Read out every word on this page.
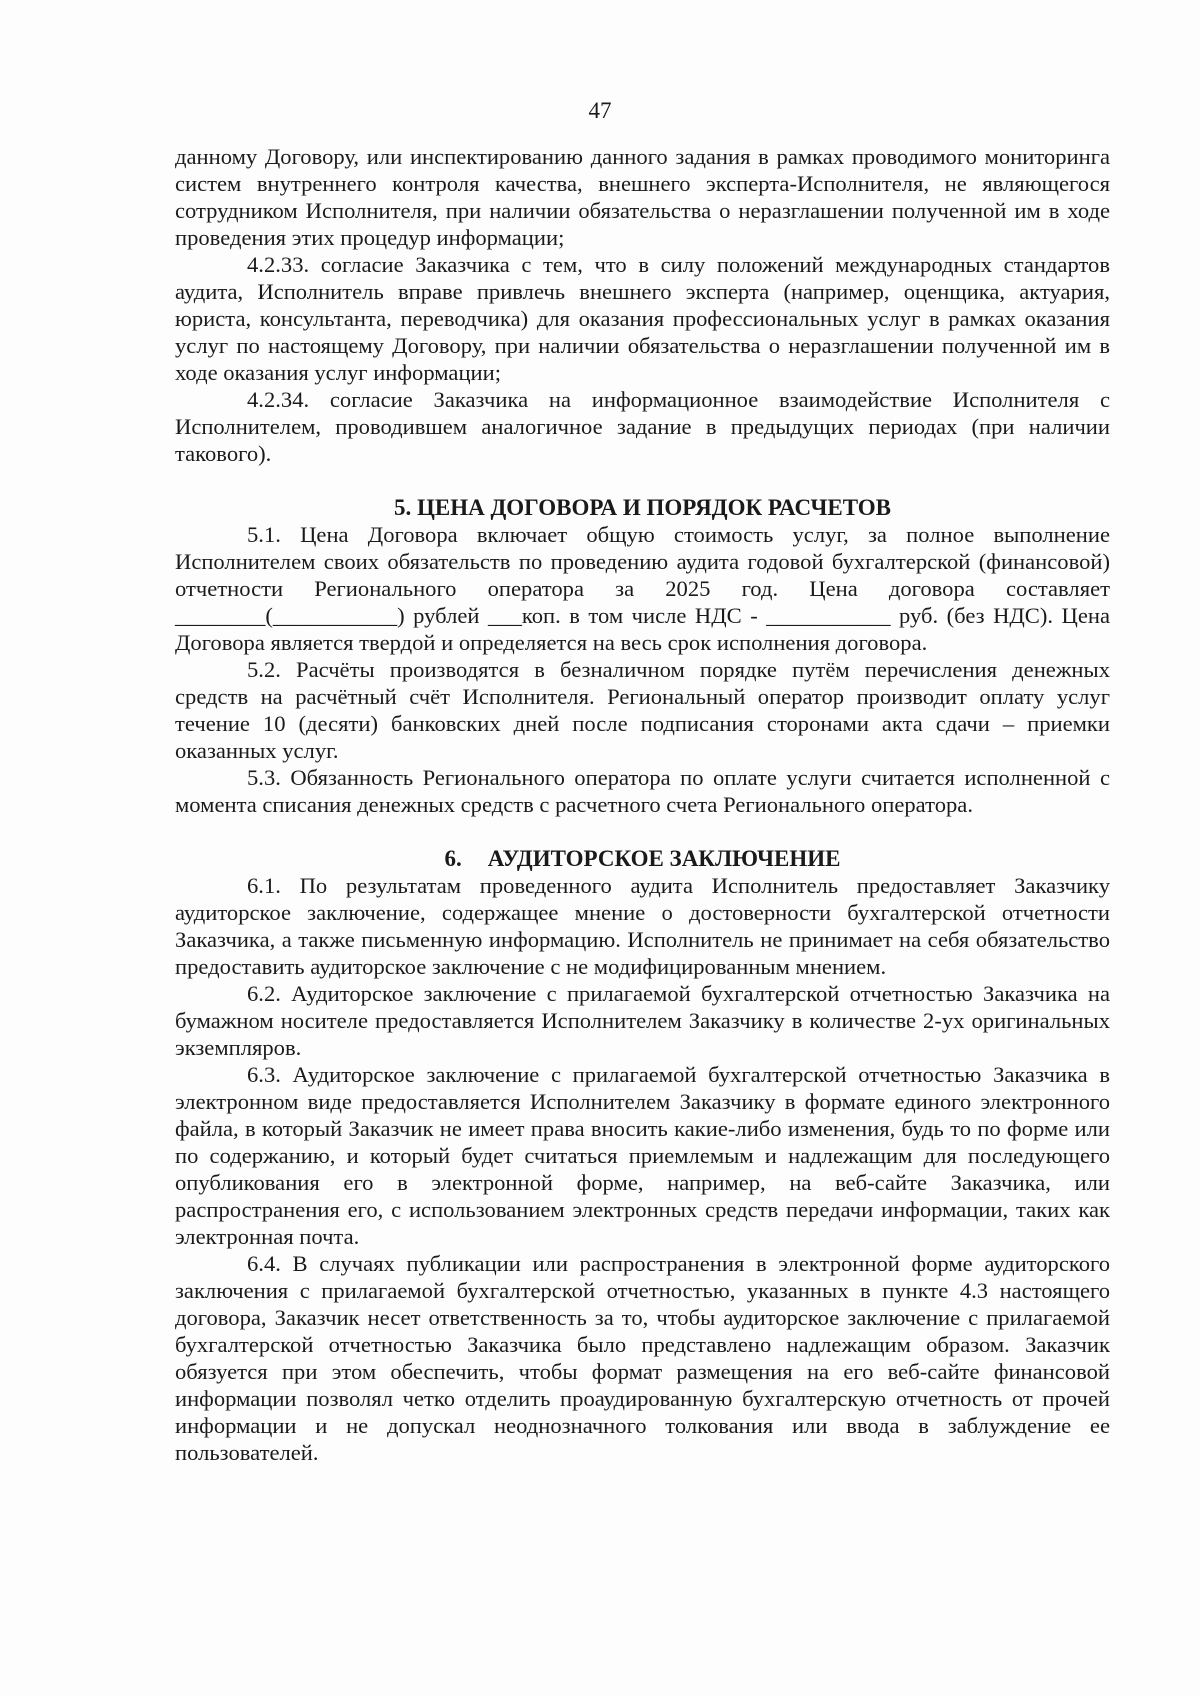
47

данному Договору, или инспектированию данного задания в рамках проводимого мониторинга систем внутреннего контроля качества, внешнего эксперта-Исполнителя, не являющегося сотрудником Исполнителя, при наличии обязательства о неразглашении полученной им в ходе проведения этих процедур информации;

4.2.33. согласие Заказчика с тем, что в силу положений международных стандартов аудита, Исполнитель вправе привлечь внешнего эксперта (например, оценщика, актуария, юриста, консультанта, переводчика) для оказания профессиональных услуг в рамках оказания услуг по настоящему Договору, при наличии обязательства о неразглашении полученной им в ходе оказания услуг информации;

4.2.34. согласие Заказчика на информационное взаимодействие Исполнителя с Исполнителем, проводившем аналогичное задание в предыдущих периодах (при наличии такового).

5. ЦЕНА ДОГОВОРА И ПОРЯДОК РАСЧЕТОВ

5.1. Цена Договора включает общую стоимость услуг, за полное выполнение Исполнителем своих обязательств по проведению аудита годовой бухгалтерской (финансовой) отчетности Регионального оператора за 2025 год. Цена договора составляет ________(___________) рублей ___коп. в том числе НДС - ___________ руб. (без НДС). Цена Договора является твердой и определяется на весь срок исполнения договора.

5.2. Расчёты производятся в безналичном порядке путём перечисления денежных средств на расчётный счёт Исполнителя. Региональный оператор производит оплату услуг течение 10 (десяти) банковских дней после подписания сторонами акта сдачи – приемки оказанных услуг.

5.3. Обязанность Регионального оператора по оплате услуги считается исполненной с момента списания денежных средств с расчетного счета Регионального оператора.

6. АУДИТОРСКОЕ ЗАКЛЮЧЕНИЕ

6.1. По результатам проведенного аудита Исполнитель предоставляет Заказчику аудиторское заключение, содержащее мнение о достоверности бухгалтерской отчетности Заказчика, а также письменную информацию. Исполнитель не принимает на себя обязательство предоставить аудиторское заключение с не модифицированным мнением.

6.2. Аудиторское заключение с прилагаемой бухгалтерской отчетностью Заказчика на бумажном носителе предоставляется Исполнителем Заказчику в количестве 2-ух оригинальных экземпляров.

6.3. Аудиторское заключение с прилагаемой бухгалтерской отчетностью Заказчика в электронном виде предоставляется Исполнителем Заказчику в формате единого электронного файла, в который Заказчик не имеет права вносить какие-либо изменения, будь то по форме или по содержанию, и который будет считаться приемлемым и надлежащим для последующего опубликования его в электронной форме, например, на веб-сайте Заказчика, или распространения его, с использованием электронных средств передачи информации, таких как электронная почта.

6.4. В случаях публикации или распространения в электронной форме аудиторского заключения с прилагаемой бухгалтерской отчетностью, указанных в пункте 4.3 настоящего договора, Заказчик несет ответственность за то, чтобы аудиторское заключение с прилагаемой бухгалтерской отчетностью Заказчика было представлено надлежащим образом. Заказчик обязуется при этом обеспечить, чтобы формат размещения на его веб-сайте финансовой информации позволял четко отделить проаудированную бухгалтерскую отчетность от прочей информации и не допускал неоднозначного толкования или ввода в заблуждение ее пользователей.
